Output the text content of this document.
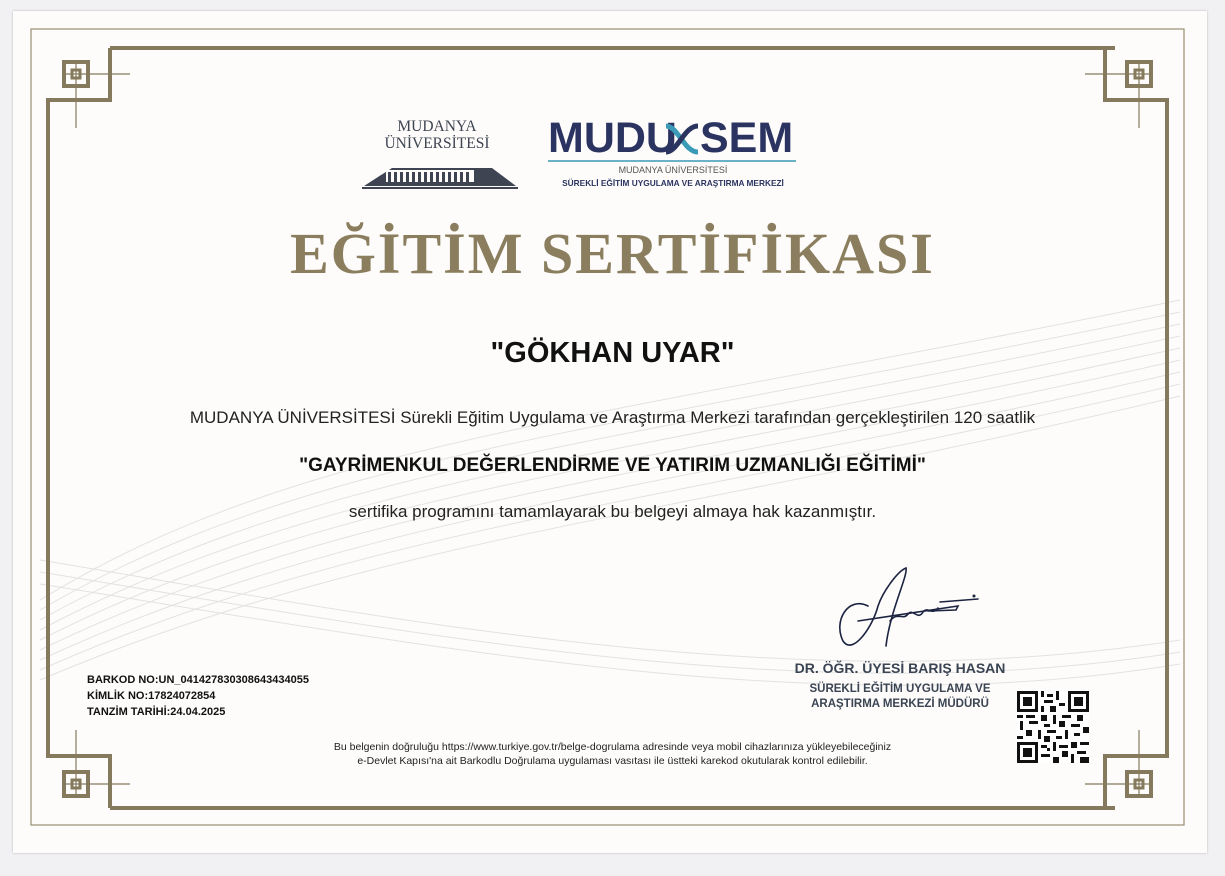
MUDANYA
ÜNİVERSİTESİ	MUDU SEM
MUDANYA ÜNİVERSİTESİ
SÜREKLİ EĞİTİM UYGULAMA VE ARAŞTIRMA MERKEZİ
EĞİTİM SERTİFİKASI
"GÖKHAN UYAR"
MUDANYA ÜNİVERSİTESİ Sürekli Eğitim Uygulama ve Araştırma Merkezi tarafından gerçekleştirilen 120 saatlik
"GAYRİMENKUL DEĞERLENDİRME VE YATIRIM UZMANLIĞI EĞİTİMİ"
sertifika programını tamamlayarak bu belgeyi almaya hak kazanmıştır.
DR. ÖĞR. ÜYESİ BARIŞ HASAN
SÜREKLİ EĞİTİM UYGULAMA VE
ARAŞTIRMA MERKEZİ MÜDÜRÜ
BARKOD NO:UN_041427830308643434055
KİMLİK NO:17824072854
TANZİM TARİHİ:24.04.2025
Bu belgenin doğruluğu https://www.turkiye.gov.tr/belge-dogrulama adresinde veya mobil cihazlarınıza yükleyebileceğiniz
e-Devlet Kapısı'na ait Barkodlu Doğrulama uygulaması vasıtası ile üstteki karekod okutularak kontrol edilebilir.
